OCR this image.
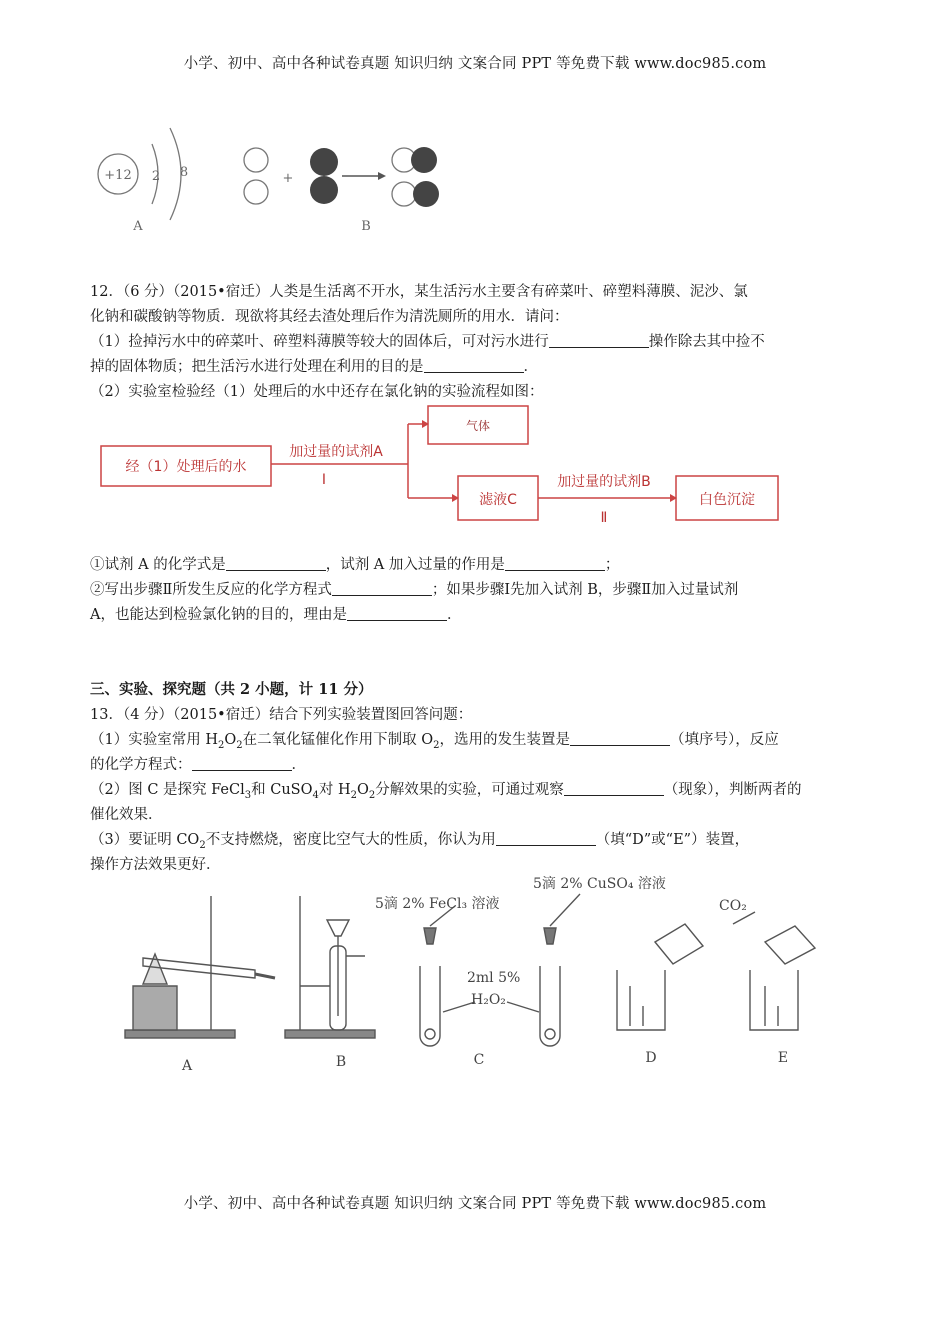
小学、初中、高中各种试卷真题 知识归纳 文案合同 PPT 等免费下载 www.doc985.com
+12 2 8
A
+
B
12．（6 分）（2015•宿迁）人类是生活离不开水，某生活污水主要含有碎菜叶、碎塑料薄膜、泥沙、氯
化钠和碳酸钠等物质．现欲将其经去渣处理后作为清洗厕所的用水．请问：
（1）捡掉污水中的碎菜叶、碎塑料薄膜等较大的固体后，可对污水进行	操作除去其中捡不
掉的固体物质；把生活污水进行处理在利用的目的是	．
（2）实验室检验经（1）处理后的水中还存在氯化钠的实验流程如图：
经（1）处理后的水
加过量的试剂A
Ⅰ
气体
滤液C
加过量的试剂B
Ⅱ
白色沉淀
①试剂 A 的化学式是	，试剂 A 加入过量的作用是	；
②写出步骤Ⅱ所发生反应的化学方程式	；如果步骤Ⅰ先加入试剂 B，步骤Ⅱ加入过量试剂
A，也能达到检验氯化钠的目的，理由是	．
三、实验、探究题（共 2 小题，计 11 分）
13．（4 分）（2015•宿迁）结合下列实验装置图回答问题：
（1）实验室常用 $H_2O_2$在二氧化锰催化作用下制取 $O_2$，选用的发生装置是	（填序号），反应
的化学方程式：	．
（2）图 C 是探究 FeCl$_3$和 CuSO$_4$对 $H_2O_2$分解效果的实验，可通过观察	（现象），判断两者的
催化效果．
（3）要证明 $CO_2$不支持燃烧，密度比空气大的性质，你认为用	（填“D”或“E”）装置，
操作方法效果更好．
5滴 2% FeCl₃ 溶液
5滴 2% CuSO₄ 溶液
2ml 5%
H₂O₂
CO₂
A	B	C	D	E
小学、初中、高中各种试卷真题 知识归纳 文案合同 PPT 等免费下载 www.doc985.com
